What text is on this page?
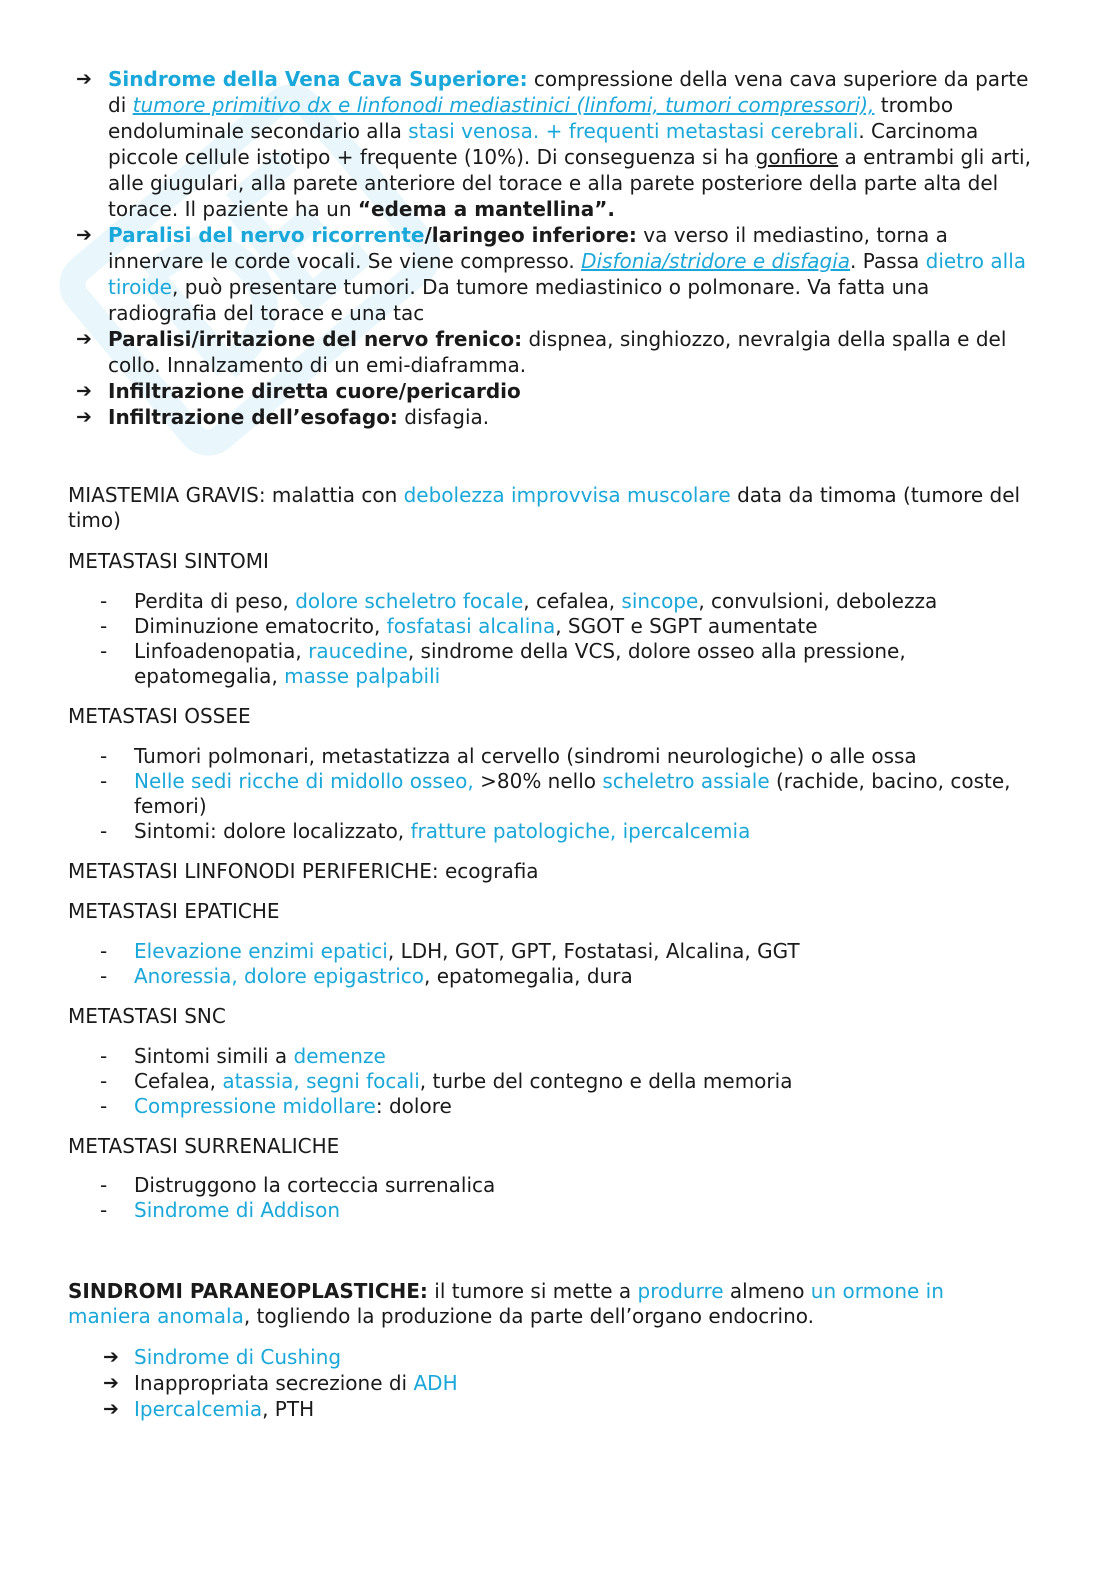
➔ Sindrome della Vena Cava Superiore: compressione della vena cava superiore da parte di tumore primitivo dx e linfonodi mediastinici (linfomi, tumori compressori), trombo endoluminale secondario alla stasi venosa. + frequenti metastasi cerebrali. Carcinoma piccole cellule istotipo + frequente (10%). Di conseguenza si ha gonfiore a entrambi gli arti, alle giugulari, alla parete anteriore del torace e alla parete posteriore della parte alta del torace. Il paziente ha un “edema a mantellina”.
➔ Paralisi del nervo ricorrente/laringeo inferiore: va verso il mediastino, torna a innervare le corde vocali. Se viene compresso. Disfonia/stridore e disfagia. Passa dietro alla tiroide, può presentare tumori. Da tumore mediastinico o polmonare. Va fatta una radiografia del torace e una tac
➔ Paralisi/irritazione del nervo frenico: dispnea, singhiozzo, nevralgia della spalla e del collo. Innalzamento di un emi-diaframma.
➔ Infiltrazione diretta cuore/pericardio
➔ Infiltrazione dell’esofago: disfagia.

MIASTEMIA GRAVIS: malattia con debolezza improvvisa muscolare data da timoma (tumore del timo)

METASTASI SINTOMI

- Perdita di peso, dolore scheletro focale, cefalea, sincope, convulsioni, debolezza
- Diminuzione ematocrito, fosfatasi alcalina, SGOT e SGPT aumentate
- Linfoadenopatia, raucedine, sindrome della VCS, dolore osseo alla pressione, epatomegalia, masse palpabili

METASTASI OSSEE

- Tumori polmonari, metastatizza al cervello (sindromi neurologiche) o alle ossa
- Nelle sedi ricche di midollo osseo, >80% nello scheletro assiale (rachide, bacino, coste, femori)
- Sintomi: dolore localizzato, fratture patologiche, ipercalcemia

METASTASI LINFONODI PERIFERICHE: ecografia

METASTASI EPATICHE

- Elevazione enzimi epatici, LDH, GOT, GPT, Fostatasi, Alcalina, GGT
- Anoressia, dolore epigastrico, epatomegalia, dura

METASTASI SNC

- Sintomi simili a demenze
- Cefalea, atassia, segni focali, turbe del contegno e della memoria
- Compressione midollare: dolore

METASTASI SURRENALICHE

- Distruggono la corteccia surrenalica
- Sindrome di Addison

SINDROMI PARANEOPLASTICHE: il tumore si mette a produrre almeno un ormone in maniera anomala, togliendo la produzione da parte dell’organo endocrino.

➔ Sindrome di Cushing
➔ Inappropriata secrezione di ADH
➔ Ipercalcemia, PTH
